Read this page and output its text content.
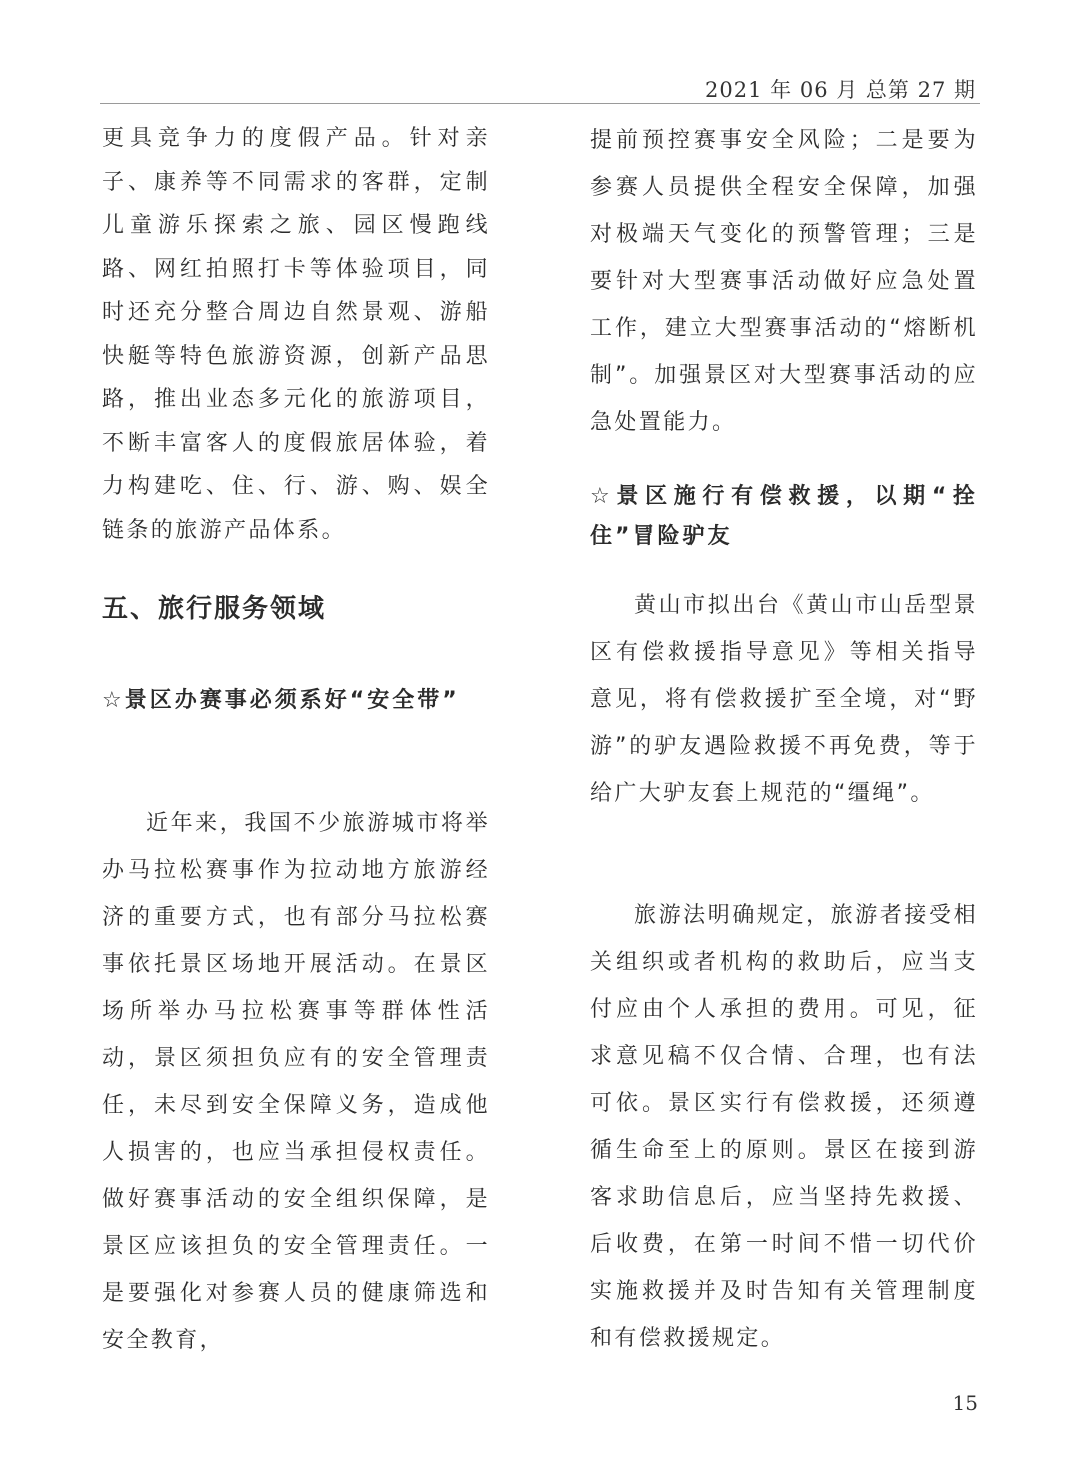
2021 年 06 月 总第 27 期

更具竞争力的度假产品。针对亲子、康养等不同需求的客群，定制儿童游乐探索之旅、园区慢跑线路、网红拍照打卡等体验项目，同时还充分整合周边自然景观、游船快艇等特色旅游资源，创新产品思路，推出业态多元化的旅游项目，不断丰富客人的度假旅居体验，着力构建吃、住、行、游、购、娱全链条的旅游产品体系。

五、旅行服务领域

☆景区办赛事必须系好“安全带”

近年来，我国不少旅游城市将举办马拉松赛事作为拉动地方旅游经济的重要方式，也有部分马拉松赛事依托景区场地开展活动。在景区场所举办马拉松赛事等群体性活动，景区须担负应有的安全管理责任，未尽到安全保障义务，造成他人损害的，也应当承担侵权责任。做好赛事活动的安全组织保障，是景区应该担负的安全管理责任。一是要强化对参赛人员的健康筛选和安全教育，

提前预控赛事安全风险；二是要为参赛人员提供全程安全保障，加强对极端天气变化的预警管理；三是要针对大型赛事活动做好应急处置工作，建立大型赛事活动的“熔断机制”。加强景区对大型赛事活动的应急处置能力。

☆景区施行有偿救援，以期“拴住”冒险驴友

黄山市拟出台《黄山市山岳型景区有偿救援指导意见》等相关指导意见，将有偿救援扩至全境，对“野游”的驴友遇险救援不再免费，等于给广大驴友套上规范的“缰绳”。

旅游法明确规定，旅游者接受相关组织或者机构的救助后，应当支付应由个人承担的费用。可见，征求意见稿不仅合情、合理，也有法可依。景区实行有偿救援，还须遵循生命至上的原则。景区在接到游客求助信息后，应当坚持先救援、后收费，在第一时间不惜一切代价实施救援并及时告知有关管理制度和有偿救援规定。

15
